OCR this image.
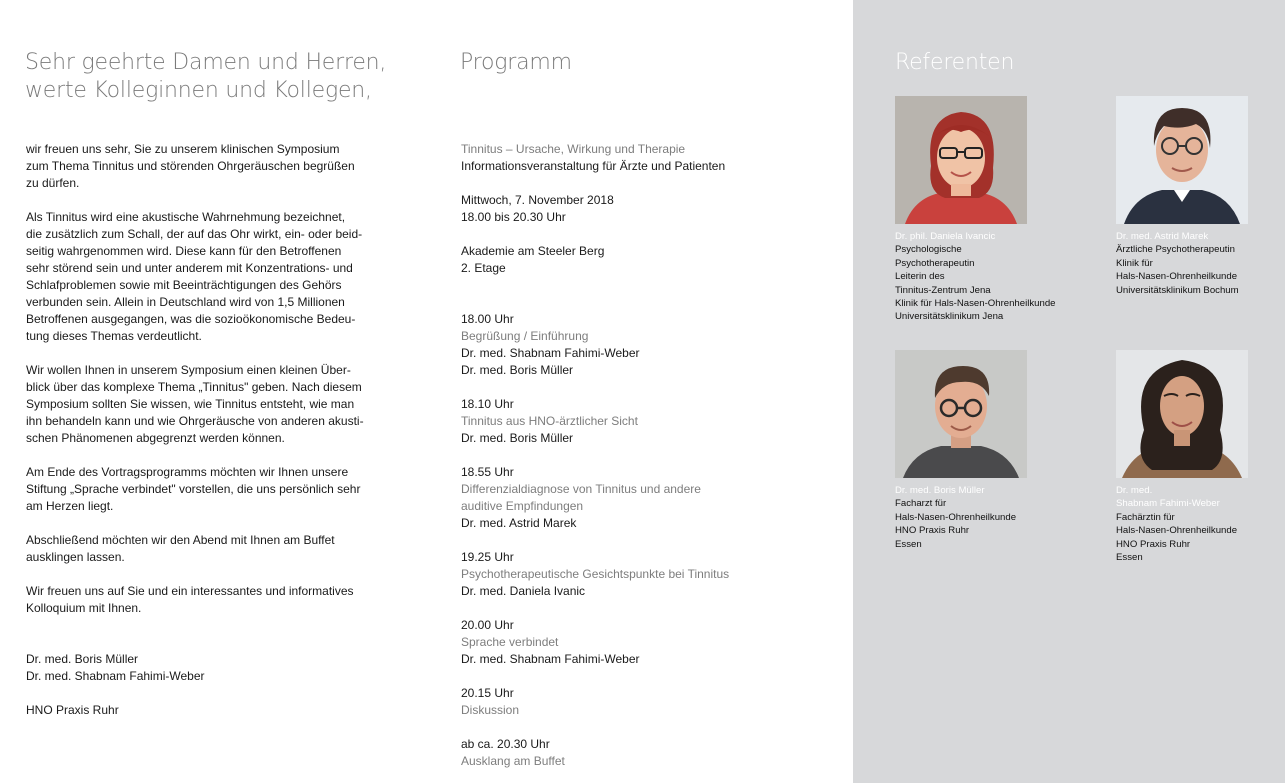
Sehr geehrte Damen und Herren,
werte Kolleginnen und Kollegen,

wir freuen uns sehr, Sie zu unserem klinischen Symposium
zum Thema Tinnitus und störenden Ohrgeräuschen begrüßen
zu dürfen.

Als Tinnitus wird eine akustische Wahrnehmung bezeichnet,
die zusätzlich zum Schall, der auf das Ohr wirkt, ein- oder beid-
seitig wahrgenommen wird. Diese kann für den Betroffenen
sehr störend sein und unter anderem mit Konzentrations- und
Schlafproblemen sowie mit Beeinträchtigungen des Gehörs
verbunden sein. Allein in Deutschland wird von 1,5 Millionen
Betroffenen ausgegangen, was die sozioökonomische Bedeu-
tung dieses Themas verdeutlicht.

Wir wollen Ihnen in unserem Symposium einen kleinen Über-
blick über das komplexe Thema „Tinnitus" geben. Nach diesem
Symposium sollten Sie wissen, wie Tinnitus entsteht, wie man
ihn behandeln kann und wie Ohrgeräusche von anderen akusti-
schen Phänomenen abgegrenzt werden können.

Am Ende des Vortragsprogramms möchten wir Ihnen unsere
Stiftung „Sprache verbindet" vorstellen, die uns persönlich sehr
am Herzen liegt.

Abschließend möchten wir den Abend mit Ihnen am Buffet
ausklingen lassen.

Wir freuen uns auf Sie und ein interessantes und informatives
Kolloquium mit Ihnen.

Dr. med. Boris Müller
Dr. med. Shabnam Fahimi-Weber
HNO Praxis Ruhr
Programm
Tinnitus – Ursache, Wirkung und Therapie
Informationsveranstaltung für Ärzte und Patienten
Mittwoch, 7. November 2018
18.00 bis 20.30 Uhr
Akademie am Steeler Berg
2. Etage
18.00 Uhr
Begrüßung / Einführung
Dr. med. Shabnam Fahimi-Weber
Dr. med. Boris Müller
18.10 Uhr
Tinnitus aus HNO-ärztlicher Sicht
Dr. med. Boris Müller
18.55 Uhr
Differenzialdiagnose von Tinnitus und andere
auditive Empfindungen
Dr. med. Astrid Marek
19.25 Uhr
Psychotherapeutische Gesichtspunkte bei Tinnitus
Dr. med. Daniela Ivanic
20.00 Uhr
Sprache verbindet
Dr. med. Shabnam Fahimi-Weber
20.15 Uhr
Diskussion
ab ca. 20.30 Uhr
Ausklang am Buffet
Referenten
Dr. phil. Daniela Ivancic
Psychologische
Psychotherapeutin
Leiterin des
Tinnitus-Zentrum Jena
Klinik für Hals-Nasen-Ohrenheilkunde
Universitätsklinikum Jena
Dr. med. Astrid Marek
Ärztliche Psychotherapeutin
Klinik für
Hals-Nasen-Ohrenheilkunde
Universitätsklinikum Bochum
Dr. med. Boris Müller
Facharzt für
Hals-Nasen-Ohrenheilkunde
HNO Praxis Ruhr
Essen
Dr. med.
Shabnam Fahimi-Weber
Fachärztin für
Hals-Nasen-Ohrenheilkunde
HNO Praxis Ruhr
Essen
